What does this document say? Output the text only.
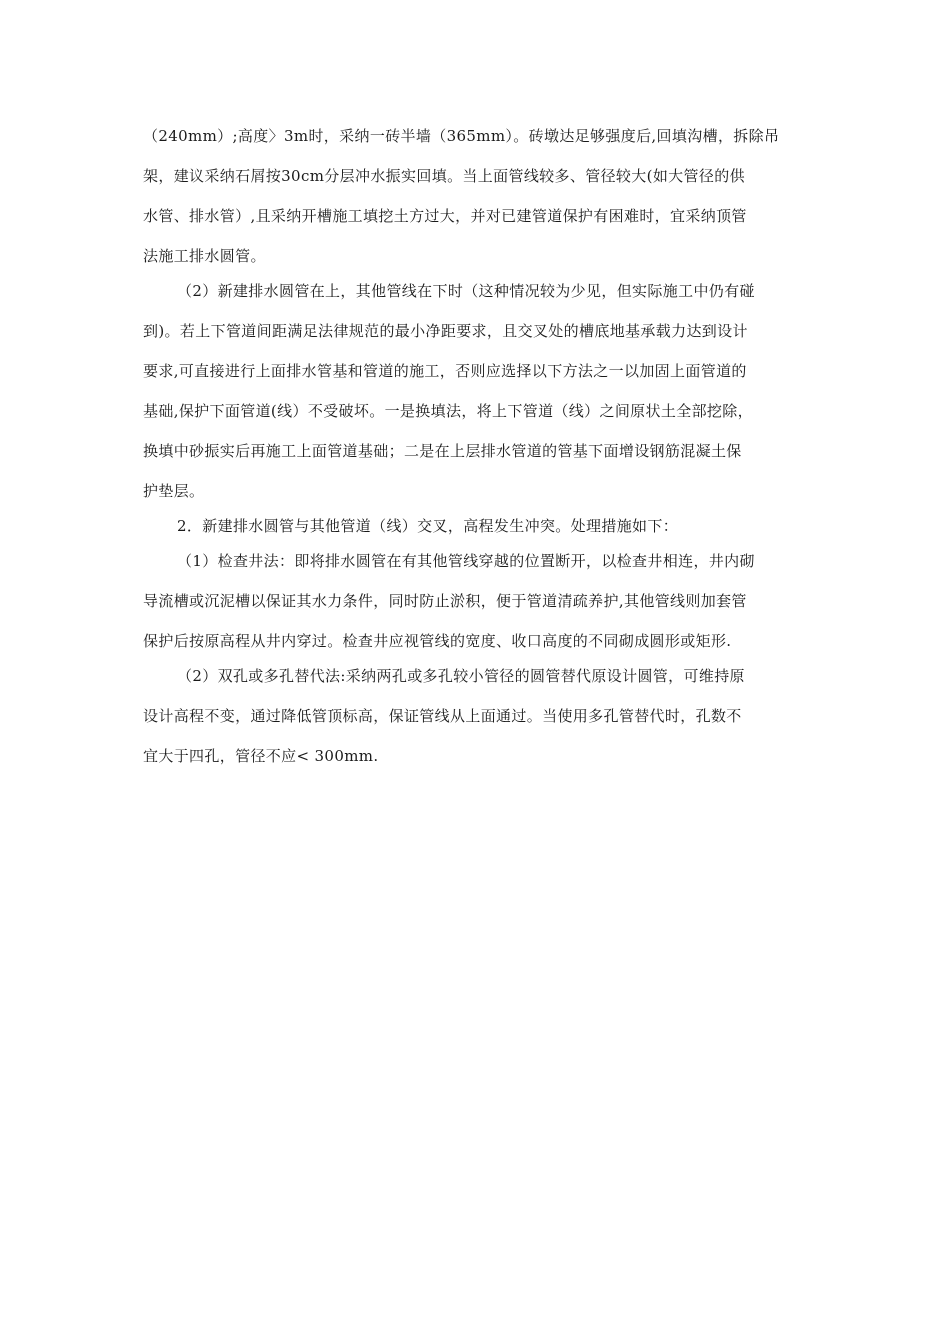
（240mm）;高度〉3m时，采纳一砖半墙（365mm）。砖墩达足够强度后,回填沟槽，拆除吊
架，建议采纳石屑按30cm分层冲水振实回填。当上面管线较多、管径较大(如大管径的供
水管、排水管）,且采纳开槽施工填挖土方过大，并对已建管道保护有困难时，宜采纳顶管
法施工排水圆管。
（2）新建排水圆管在上，其他管线在下时（这种情况较为少见，但实际施工中仍有碰
到)。若上下管道间距满足法律规范的最小净距要求，且交叉处的槽底地基承载力达到设计
要求,可直接进行上面排水管基和管道的施工，否则应选择以下方法之一以加固上面管道的
基础,保护下面管道(线）不受破坏。一是换填法，将上下管道（线）之间原状土全部挖除，
换填中砂振实后再施工上面管道基础；二是在上层排水管道的管基下面增设钢筋混凝土保
护垫层。
2．新建排水圆管与其他管道（线）交叉，高程发生冲突。处理措施如下：
（1）检查井法：即将排水圆管在有其他管线穿越的位置断开，以检查井相连，井内砌
导流槽或沉泥槽以保证其水力条件，同时防止淤积，便于管道清疏养护,其他管线则加套管
保护后按原高程从井内穿过。检查井应视管线的宽度、收口高度的不同砌成圆形或矩形.
（2）双孔或多孔替代法:采纳两孔或多孔较小管径的圆管替代原设计圆管，可维持原
设计高程不变，通过降低管顶标高，保证管线从上面通过。当使用多孔管替代时，孔数不
宜大于四孔，管径不应< 300mm.
